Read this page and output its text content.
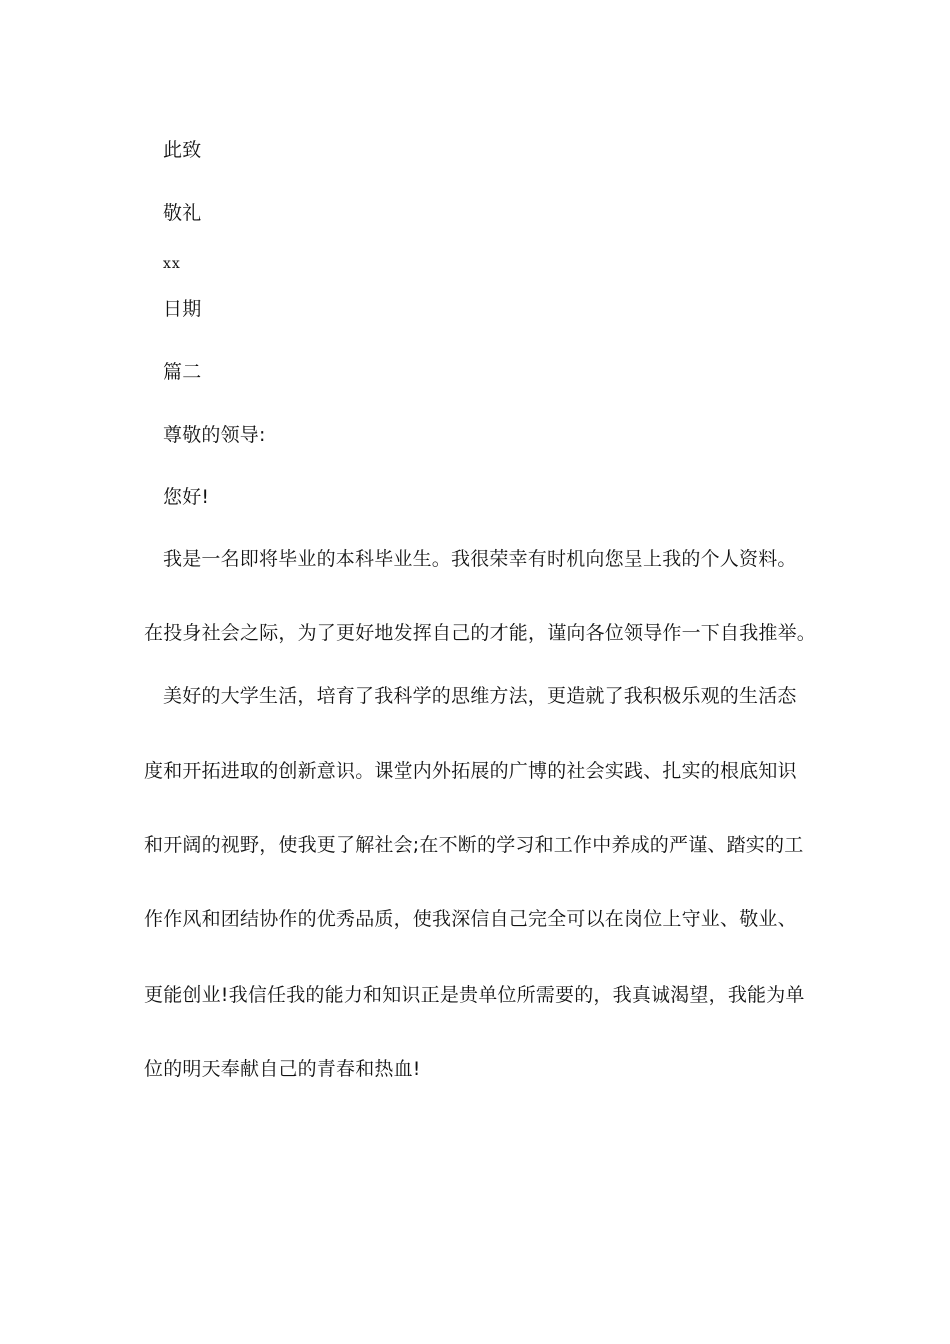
此致
敬礼
xx
日期
篇二
尊敬的领导:
您好!
我是一名即将毕业的本科毕业生。我很荣幸有时机向您呈上我的个人资料。
在投身社会之际，为了更好地发挥自己的才能，谨向各位领导作一下自我推举。
美好的大学生活，培育了我科学的思维方法，更造就了我积极乐观的生活态
度和开拓进取的创新意识。课堂内外拓展的广博的社会实践、扎实的根底知识
和开阔的视野，使我更了解社会;在不断的学习和工作中养成的严谨、踏实的工
作作风和团结协作的优秀品质，使我深信自己完全可以在岗位上守业、敬业、
更能创业!我信任我的能力和知识正是贵单位所需要的，我真诚渴望，我能为单
位的明天奉献自己的青春和热血!
